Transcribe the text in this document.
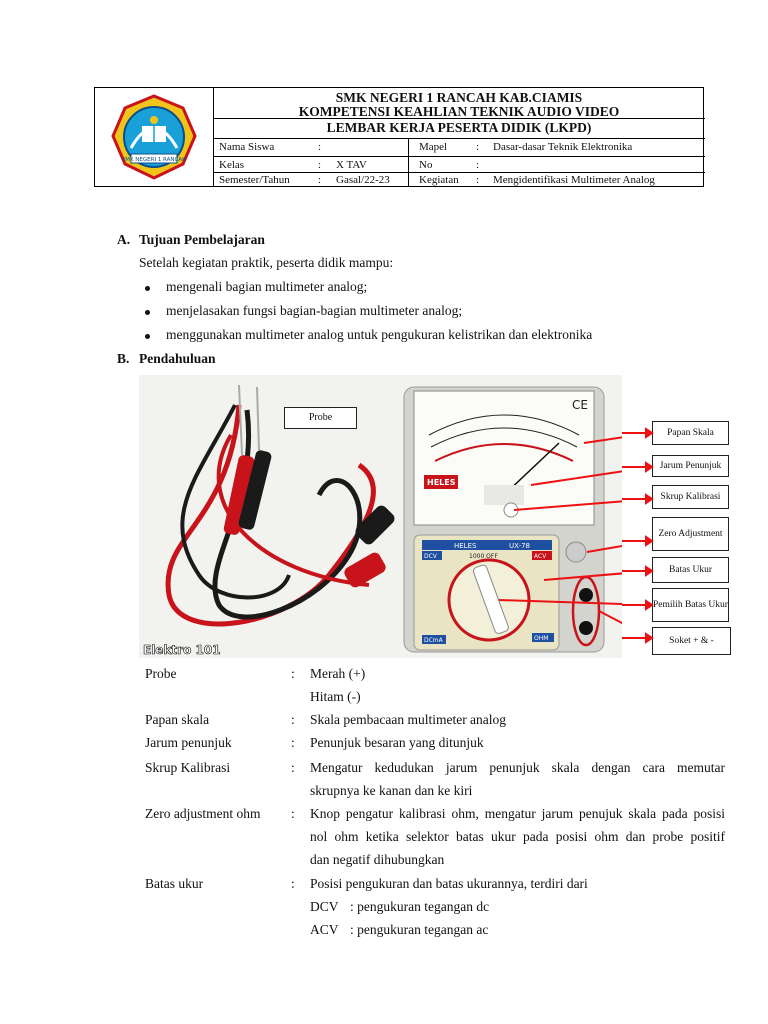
SMK NEGERI 1 RANCAH
SMK NEGERI 1 RANCAH KAB.CIAMIS
KOMPETENSI KEAHLIAN TEKNIK AUDIO VIDEO
LEMBAR KERJA PESERTA DIDIK (LKPD)
Nama Siswa	:	Mapel	: Dasar-dasar Teknik Elektronika
Kelas	: X TAV	No	:
Semester/Tahun	: Gasal/22-23	Kegiatan : Mengidentifikasi Multimeter Analog
A. Tujuan Pembelajaran
Setelah kegiatan praktik, peserta didik mampu:
mengenali bagian multimeter analog;
menjelasakan fungsi bagian-bagian multimeter analog;
menggunakan multimeter analog untuk pengukuran kelistrikan dan elektronika
B. Pendahuluan
CE
HELES
HELES	UX-78
DCV	ACV
DCmA	OHM
1000 OFF
Elektro 101
Probe
Papan Skala
Jarum Penunjuk
Skrup Kalibrasi
Zero Adjustment
Batas Ukur
Pemilih Batas Ukur
Soket + & -
Probe	: Merah (+)
Hitam (-)
Papan skala	: Skala pembacaan multimeter analog
Jarum penunjuk	: Penunjuk besaran yang ditunjuk
Skrup Kalibrasi	: Mengatur kedudukan jarum penunjuk skala dengan cara memutar
skrupnya ke kanan dan ke kiri
Zero adjustment ohm : Knop pengatur kalibrasi ohm, mengatur jarum penujuk skala pada posisi
nol ohm ketika selektor batas ukur pada posisi ohm dan probe positif
dan negatif dihubungkan
Batas ukur	: Posisi pengukuran dan batas ukurannya, terdiri dari
DCV : pengukuran tegangan dc
ACV : pengukuran tegangan ac
